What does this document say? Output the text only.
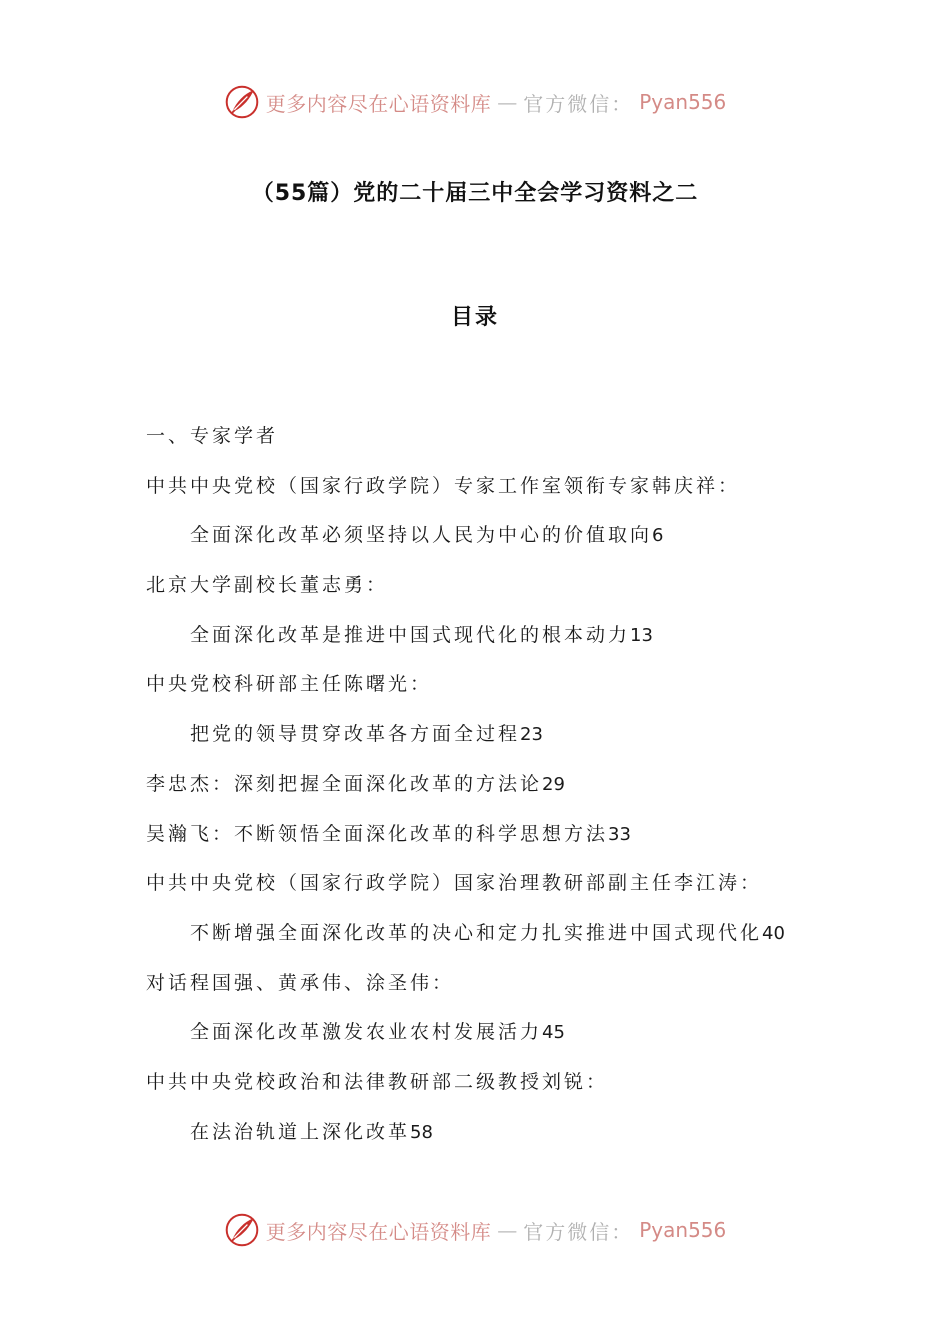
更多内容尽在心语资料库 — 官方微信： Pyan556
（55篇）党的二十届三中全会学习资料之二
目录
一、专家学者
中共中央党校（国家行政学院）专家工作室领衔专家韩庆祥：
全面深化改革必须坚持以人民为中心的价值取向6
北京大学副校长董志勇：
全面深化改革是推进中国式现代化的根本动力13
中央党校科研部主任陈曙光：
把党的领导贯穿改革各方面全过程23
李忠杰：深刻把握全面深化改革的方法论29
吴瀚飞：不断领悟全面深化改革的科学思想方法33
中共中央党校（国家行政学院）国家治理教研部副主任李江涛：
不断增强全面深化改革的决心和定力扎实推进中国式现代化40
对话程国强、黄承伟、涂圣伟：
全面深化改革激发农业农村发展活力45
中共中央党校政治和法律教研部二级教授刘锐：
在法治轨道上深化改革58
更多内容尽在心语资料库 — 官方微信： Pyan556
